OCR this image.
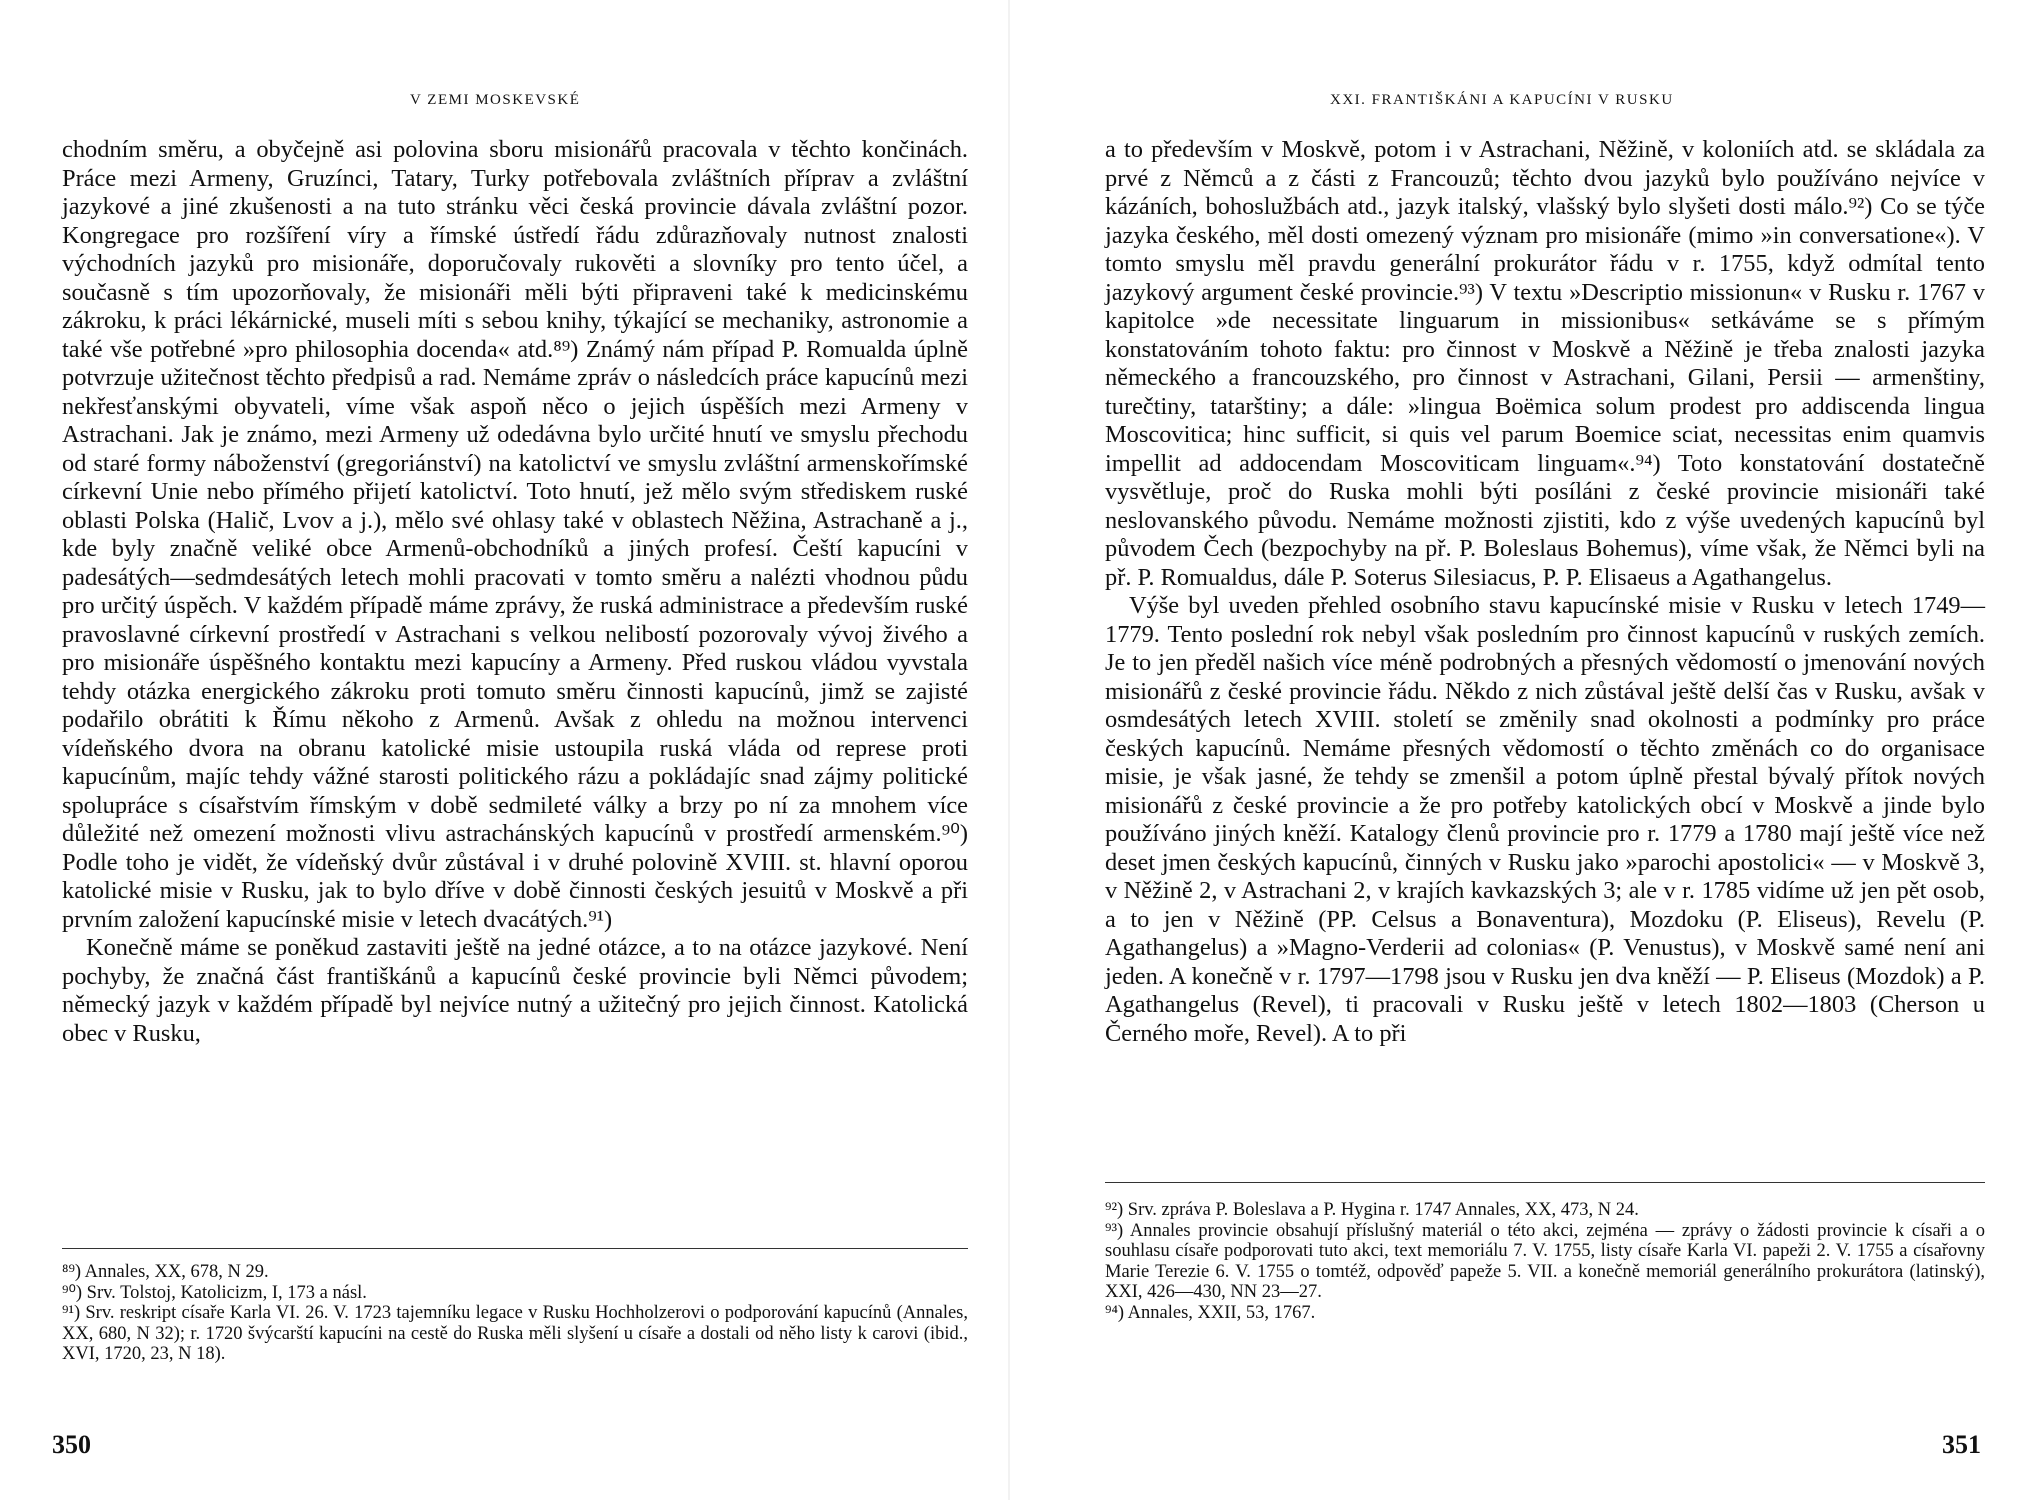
V ZEMI MOSKEVSKÉ

chodním směru, a obyčejně asi polovina sboru misionářů pracovala v těchto končinách. Práce mezi Armeny, Gruzínci, Tatary, Turky potřebovala zvláštních příprav a zvláštní jazykové a jiné zkušenosti a na tuto stránku věci česká provincie dávala zvláštní pozor. Kongregace pro rozšíření víry a římské ústředí řádu zdůrazňovaly nutnost znalosti východních jazyků pro misionáře, doporučovaly rukověti a slovníky pro tento účel, a současně s tím upozorňovaly, že misionáři měli býti připraveni také k medicinskému zákroku, k práci lékárnické, museli míti s sebou knihy, týkající se mechaniky, astronomie a také vše potřebné »pro philosophia docenda« atd.⁸⁹) Známý nám případ P. Romualda úplně potvrzuje užitečnost těchto předpisů a rad. Nemáme zpráv o následcích práce kapucínů mezi nekřesťanskými obyvateli, víme však aspoň něco o jejich úspěších mezi Armeny v Astrachani. Jak je známo, mezi Armeny už odedávna bylo určité hnutí ve smyslu přechodu od staré formy náboženství (gregoriánství) na katolictví ve smyslu zvláštní armenskořímské církevní Unie nebo přímého přijetí katolictví. Toto hnutí, jež mělo svým střediskem ruské oblasti Polska (Halič, Lvov a j.), mělo své ohlasy také v oblastech Něžina, Astrachaně a j., kde byly značně veliké obce Armenů-obchodníků a jiných profesí. Čeští kapucíni v padesátých—sedmdesátých letech mohli pracovati v tomto směru a nalézti vhodnou půdu pro určitý úspěch. V každém případě máme zprávy, že ruská administrace a především ruské pravoslavné církevní prostředí v Astrachani s velkou nelibostí pozorovaly vývoj živého a pro misionáře úspěšného kontaktu mezi kapucíny a Armeny. Před ruskou vládou vyvstala tehdy otázka energického zákroku proti tomuto směru činnosti kapucínů, jimž se zajisté podařilo obrátiti k Římu někoho z Armenů. Avšak z ohledu na možnou intervenci vídeňského dvora na obranu katolické misie ustoupila ruská vláda od represe proti kapucínům, majíc tehdy vážné starosti politického rázu a pokládajíc snad zájmy politické spolupráce s císařstvím římským v době sedmileté války a brzy po ní za mnohem více důležité než omezení možnosti vlivu astrachánských kapucínů v prostředí armenském.⁹⁰) Podle toho je vidět, že vídeňský dvůr zůstával i v druhé polovině XVIII. st. hlavní oporou katolické misie v Rusku, jak to bylo dříve v době činnosti českých jesuitů v Moskvě a při prvním založení kapucínské misie v letech dvacátých.⁹¹)

Konečně máme se poněkud zastaviti ještě na jedné otázce, a to na otázce jazykové. Není pochyby, že značná část františkánů a kapucínů české provincie byli Němci původem; německý jazyk v každém případě byl nejvíce nutný a užitečný pro jejich činnost. Katolická obec v Rusku,

⁸⁹) Annales, XX, 678, N 29.

⁹⁰) Srv. Tolstoj, Katolicizm, I, 173 a násl.

⁹¹) Srv. reskript císaře Karla VI. 26. V. 1723 tajemníku legace v Rusku Hochholzerovi o podporování kapucínů (Annales, XX, 680, N 32); r. 1720 švýcarští kapucíni na cestě do Ruska měli slyšení u císaře a dostali od něho listy k carovi (ibid., XVI, 1720, 23, N 18).

350
XXI. FRANTIŠKÁNI A KAPUCÍNI V RUSKU

a to především v Moskvě, potom i v Astrachani, Něžině, v koloniích atd. se skládala za prvé z Němců a z části z Francouzů; těchto dvou jazyků bylo používáno nejvíce v kázáních, bohoslužbách atd., jazyk italský, vlašský bylo slyšeti dosti málo.⁹²) Co se týče jazyka českého, měl dosti omezený význam pro misionáře (mimo »in conversatione«). V tomto smyslu měl pravdu generální prokurátor řádu v r. 1755, když odmítal tento jazykový argument české provincie.⁹³) V textu »Descriptio missionun« v Rusku r. 1767 v kapitolce »de necessitate linguarum in missionibus« setkáváme se s přímým konstatováním tohoto faktu: pro činnost v Moskvě a Něžině je třeba znalosti jazyka německého a francouzského, pro činnost v Astrachani, Gilani, Persii — armenštiny, turečtiny, tatarštiny; a dále: »lingua Boëmica solum prodest pro addiscenda lingua Moscovitica; hinc sufficit, si quis vel parum Boemice sciat, necessitas enim quamvis impellit ad addocendam Moscoviticam linguam«.⁹⁴) Toto konstatování dostatečně vysvětluje, proč do Ruska mohli býti posíláni z české provincie misionáři také neslovanského původu. Nemáme možnosti zjistiti, kdo z výše uvedených kapucínů byl původem Čech (bezpochyby na př. P. Boleslaus Bohemus), víme však, že Němci byli na př. P. Romualdus, dále P. Soterus Silesiacus, P. P. Elisaeus a Agathangelus.

Výše byl uveden přehled osobního stavu kapucínské misie v Rusku v letech 1749—1779. Tento poslední rok nebyl však posledním pro činnost kapucínů v ruských zemích. Je to jen předěl našich více méně podrobných a přesných vědomostí o jmenování nových misionářů z české provincie řádu. Někdo z nich zůstával ještě delší čas v Rusku, avšak v osmdesátých letech XVIII. století se změnily snad okolnosti a podmínky pro práce českých kapucínů. Nemáme přesných vědomostí o těchto změnách co do organisace misie, je však jasné, že tehdy se zmenšil a potom úplně přestal bývalý přítok nových misionářů z české provincie a že pro potřeby katolických obcí v Moskvě a jinde bylo používáno jiných kněží. Katalogy členů provincie pro r. 1779 a 1780 mají ještě více než deset jmen českých kapucínů, činných v Rusku jako »parochi apostolici« — v Moskvě 3, v Něžině 2, v Astrachani 2, v krajích kavkazských 3; ale v r. 1785 vidíme už jen pět osob, a to jen v Něžině (PP. Celsus a Bonaventura), Mozdoku (P. Eliseus), Revelu (P. Agathangelus) a »Magno-Verderii ad colonias« (P. Venustus), v Moskvě samé není ani jeden. A konečně v r. 1797—1798 jsou v Rusku jen dva kněží — P. Eliseus (Mozdok) a P. Agathangelus (Revel), ti pracovali v Rusku ještě v letech 1802—1803 (Cherson u Černého moře, Revel). A to při

⁹²) Srv. zpráva P. Boleslava a P. Hygina r. 1747 Annales, XX, 473, N 24.

⁹³) Annales provincie obsahují příslušný materiál o této akci, zejména — zprávy o žádosti provincie k císaři a o souhlasu císaře podporovati tuto akci, text memoriálu 7. V. 1755, listy císaře Karla VI. papeži 2. V. 1755 a císařovny Marie Terezie 6. V. 1755 o tomtéž, odpověď papeže 5. VII. a konečně memoriál generálního prokurátora (latinský), XXI, 426—430, NN 23—27.

⁹⁴) Annales, XXII, 53, 1767.

351
